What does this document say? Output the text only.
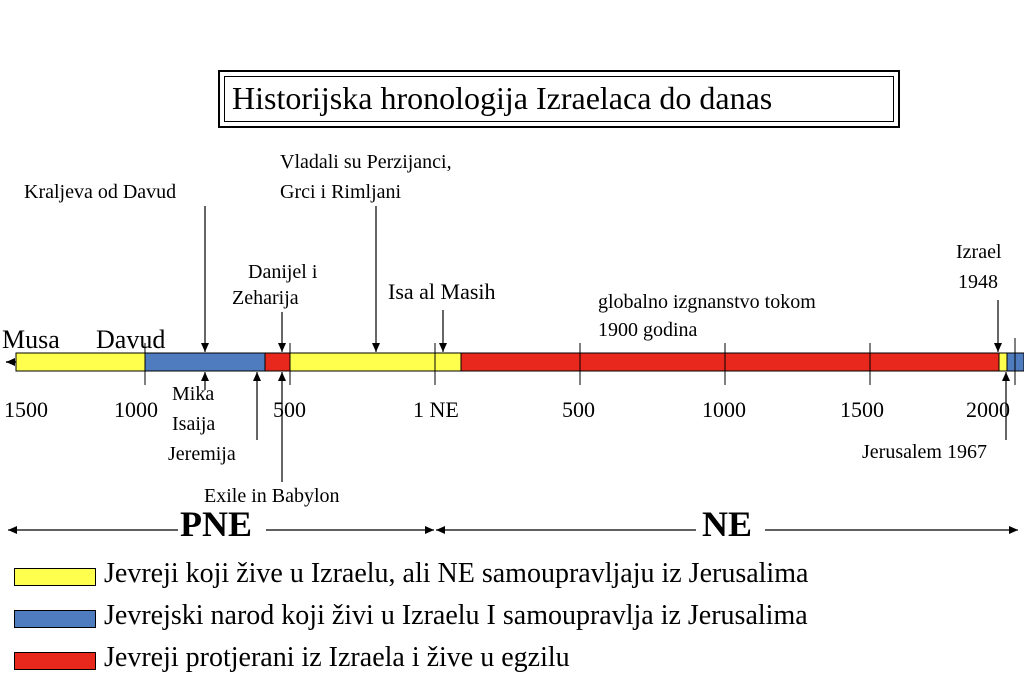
Historijska hronologija Izraelaca do danas
Musa Davud
Kraljeva od Davud
Vladali su Perzijanci,
Grci i Rimljani
Danijel i
Zeharija	Isa al Masih	globalno izgnanstvo tokom
1900 godina
Izrael
1948
1500	1000	500	1 NE	500	1000	1500	2000
Mika
Isaija
Jeremija
Exile in Babylon
Jerusalem 1967
PNE	NE
Jevreji koji žive u Izraelu, ali NE samoupravljaju iz Jerusalima
Jevrejski narod koji živi u Izraelu I samoupravlja iz Jerusalima
Jevreji protjerani iz Izraela i žive u egzilu
